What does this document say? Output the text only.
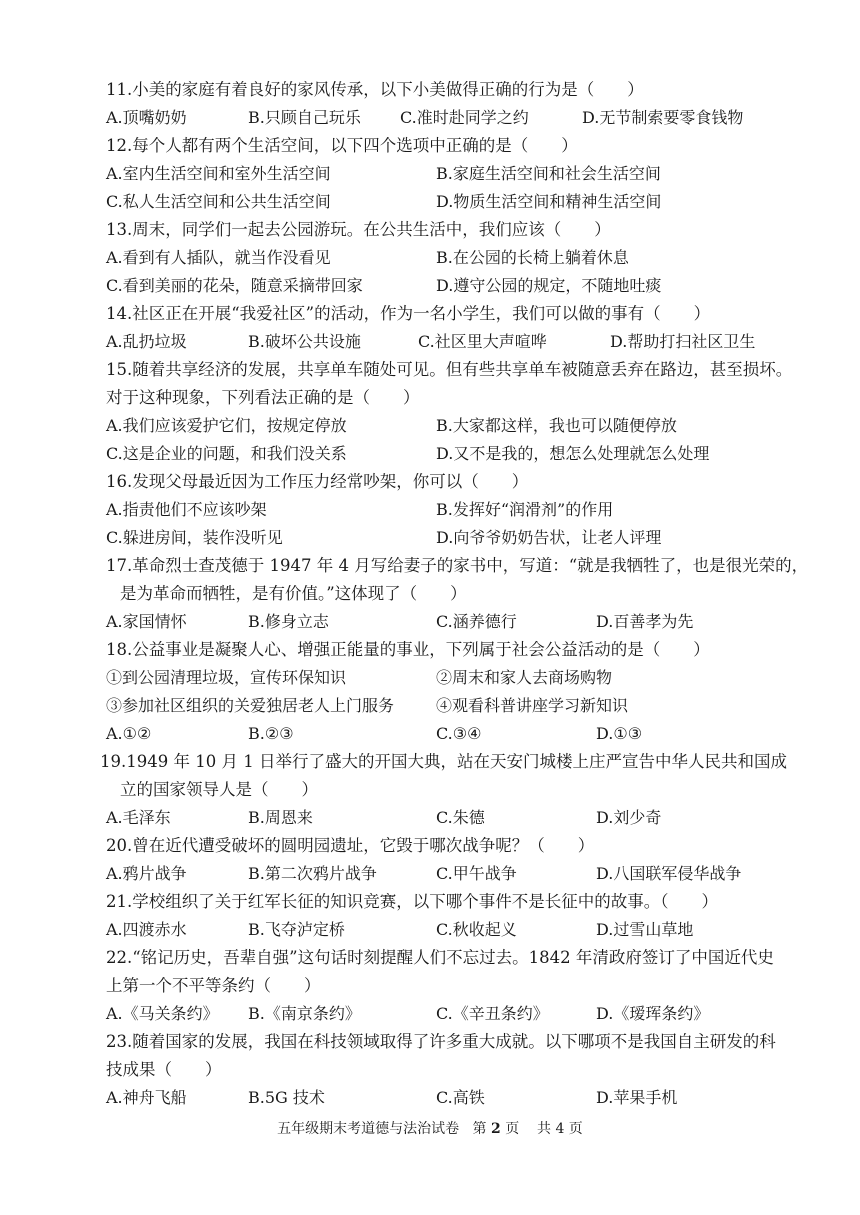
11.小美的家庭有着良好的家风传承，以下小美做得正确的行为是（　　）
A.顶嘴奶奶	B.只顾自己玩乐 C.准时赴同学之约	D.无节制索要零食钱物
12.每个人都有两个生活空间，以下四个选项中正确的是（　　）
A.室内生活空间和室外生活空间	B.家庭生活空间和社会生活空间
C.私人生活空间和公共生活空间	D.物质生活空间和精神生活空间
13.周末，同学们一起去公园游玩。在公共生活中，我们应该（　　）
A.看到有人插队，就当作没看见	B.在公园的长椅上躺着休息
C.看到美丽的花朵，随意采摘带回家	D.遵守公园的规定，不随地吐痰
14.社区正在开展“我爱社区”的活动，作为一名小学生，我们可以做的事有（　　）
A.乱扔垃圾	B.破坏公共设施	C.社区里大声喧哗	D.帮助打扫社区卫生
15.随着共享经济的发展，共享单车随处可见。但有些共享单车被随意丢弃在路边，甚至损坏。
对于这种现象，下列看法正确的是（　　）
A.我们应该爱护它们，按规定停放	B.大家都这样，我也可以随便停放
C.这是企业的问题，和我们没关系	D.又不是我的，想怎么处理就怎么处理
16.发现父母最近因为工作压力经常吵架，你可以（　　）
A.指责他们不应该吵架	B.发挥好“润滑剂”的作用
C.躲进房间，装作没听见	D.向爷爷奶奶告状，让老人评理
17.革命烈士查茂德于 1947 年 4 月写给妻子的家书中，写道：“就是我牺牲了，也是很光荣的，
是为革命而牺牲，是有价值。”这体现了（　　）
A.家国情怀	B.修身立志	C.涵养德行	D.百善孝为先
18.公益事业是凝聚人心、增强正能量的事业，下列属于社会公益活动的是（　　）
①到公园清理垃圾，宣传环保知识	②周末和家人去商场购物
③参加社区组织的关爱独居老人上门服务	④观看科普讲座学习新知识
A.①②	B.②③	C.③④	D.①③
19.1949 年 10 月 1 日举行了盛大的开国大典，站在天安门城楼上庄严宣告中华人民共和国成
立的国家领导人是（　　）
A.毛泽东	B.周恩来	C.朱德	D.刘少奇
20.曾在近代遭受破坏的圆明园遗址，它毁于哪次战争呢？（　　）
A.鸦片战争	B.第二次鸦片战争	C.甲午战争	D.八国联军侵华战争
21.学校组织了关于红军长征的知识竞赛，以下哪个事件不是长征中的故事。（　　）
A.四渡赤水	B.飞夺泸定桥	C.秋收起义	D.过雪山草地
22.“铭记历史，吾辈自强”这句话时刻提醒人们不忘过去。1842 年清政府签订了中国近代史
上第一个不平等条约（　　）
A.《马关条约》 B.《南京条约》	C.《辛丑条约》	D.《瑷珲条约》
23.随着国家的发展，我国在科技领域取得了许多重大成就。以下哪项不是我国自主研发的科
技成果（　　）
A.神舟飞船	B.5G 技术	C.高铁	D.苹果手机
五年级期末考道德与法治试卷 第 2 页 共 4 页
